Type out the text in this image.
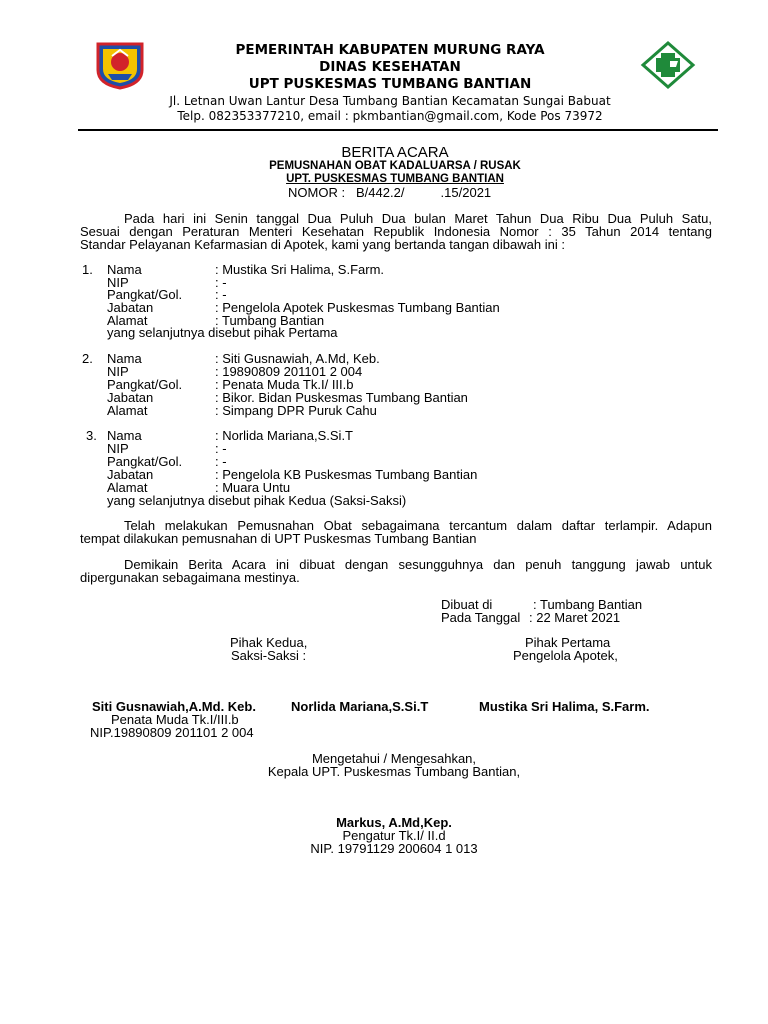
PEMERINTAH KABUPATEN MURUNG RAYA
DINAS KESEHATAN
UPT PUSKESMAS TUMBANG BANTIAN
Jl. Letnan Uwan Lantur Desa Tumbang Bantian Kecamatan Sungai Babuat
Telp. 082353377210, email : pkmbantian@gmail.com, Kode Pos 73972
BERITA ACARA
PEMUSNAHAN OBAT KADALUARSA / RUSAK
UPT. PUSKESMAS TUMBANG BANTIAN
NOMOR : B/442.2/          .15/2021
Pada hari ini Senin tanggal Dua Puluh Dua bulan Maret Tahun Dua Ribu Dua Puluh Satu,
Sesuai dengan Peraturan Menteri Kesehatan Republik Indonesia Nomor : 35 Tahun 2014 tentang
Standar Pelayanan Kefarmasian di Apotek, kami yang bertanda tangan dibawah ini :
1. Nama	: Mustika Sri Halima, S.Farm.
NIP	: -
Pangkat/Gol.	: -
Jabatan	: Pengelola Apotek Puskesmas Tumbang Bantian
Alamat	: Tumbang Bantian
yang selanjutnya disebut pihak Pertama
2. Nama	: Siti Gusnawiah, A.Md, Keb.
NIP	: 19890809 201101 2 004
Pangkat/Gol.	: Penata Muda Tk.I/ III.b
Jabatan	: Bikor. Bidan Puskesmas Tumbang Bantian
Alamat	: Simpang DPR Puruk Cahu
3. Nama	: Norlida Mariana,S.Si.T
NIP	: -
Pangkat/Gol.	: -
Jabatan	: Pengelola KB Puskesmas Tumbang Bantian
Alamat	: Muara Untu
yang selanjutnya disebut pihak Kedua (Saksi-Saksi)
Telah melakukan Pemusnahan Obat sebagaimana tercantum dalam daftar terlampir. Adapun
tempat dilakukan pemusnahan di UPT Puskesmas Tumbang Bantian
Demikain Berita Acara ini dibuat dengan sesungguhnya dan penuh tanggung jawab untuk
dipergunakan sebagaimana mestinya.
Dibuat di	: Tumbang Bantian
Pada Tanggal : 22 Maret 2021
Pihak Kedua,
Saksi-Saksi :
Pihak Pertama
Pengelola Apotek,
Siti Gusnawiah,A.Md. Keb.
Penata Muda Tk.I/III.b
NIP.19890809 201101 2 004
Norlida Mariana,S.Si.T	Mustika Sri Halima, S.Farm.
Mengetahui / Mengesahkan,
Kepala UPT. Puskesmas Tumbang Bantian,
Markus, A.Md,Kep.
Pengatur Tk.I/ II.d
NIP. 19791129 200604 1 013
